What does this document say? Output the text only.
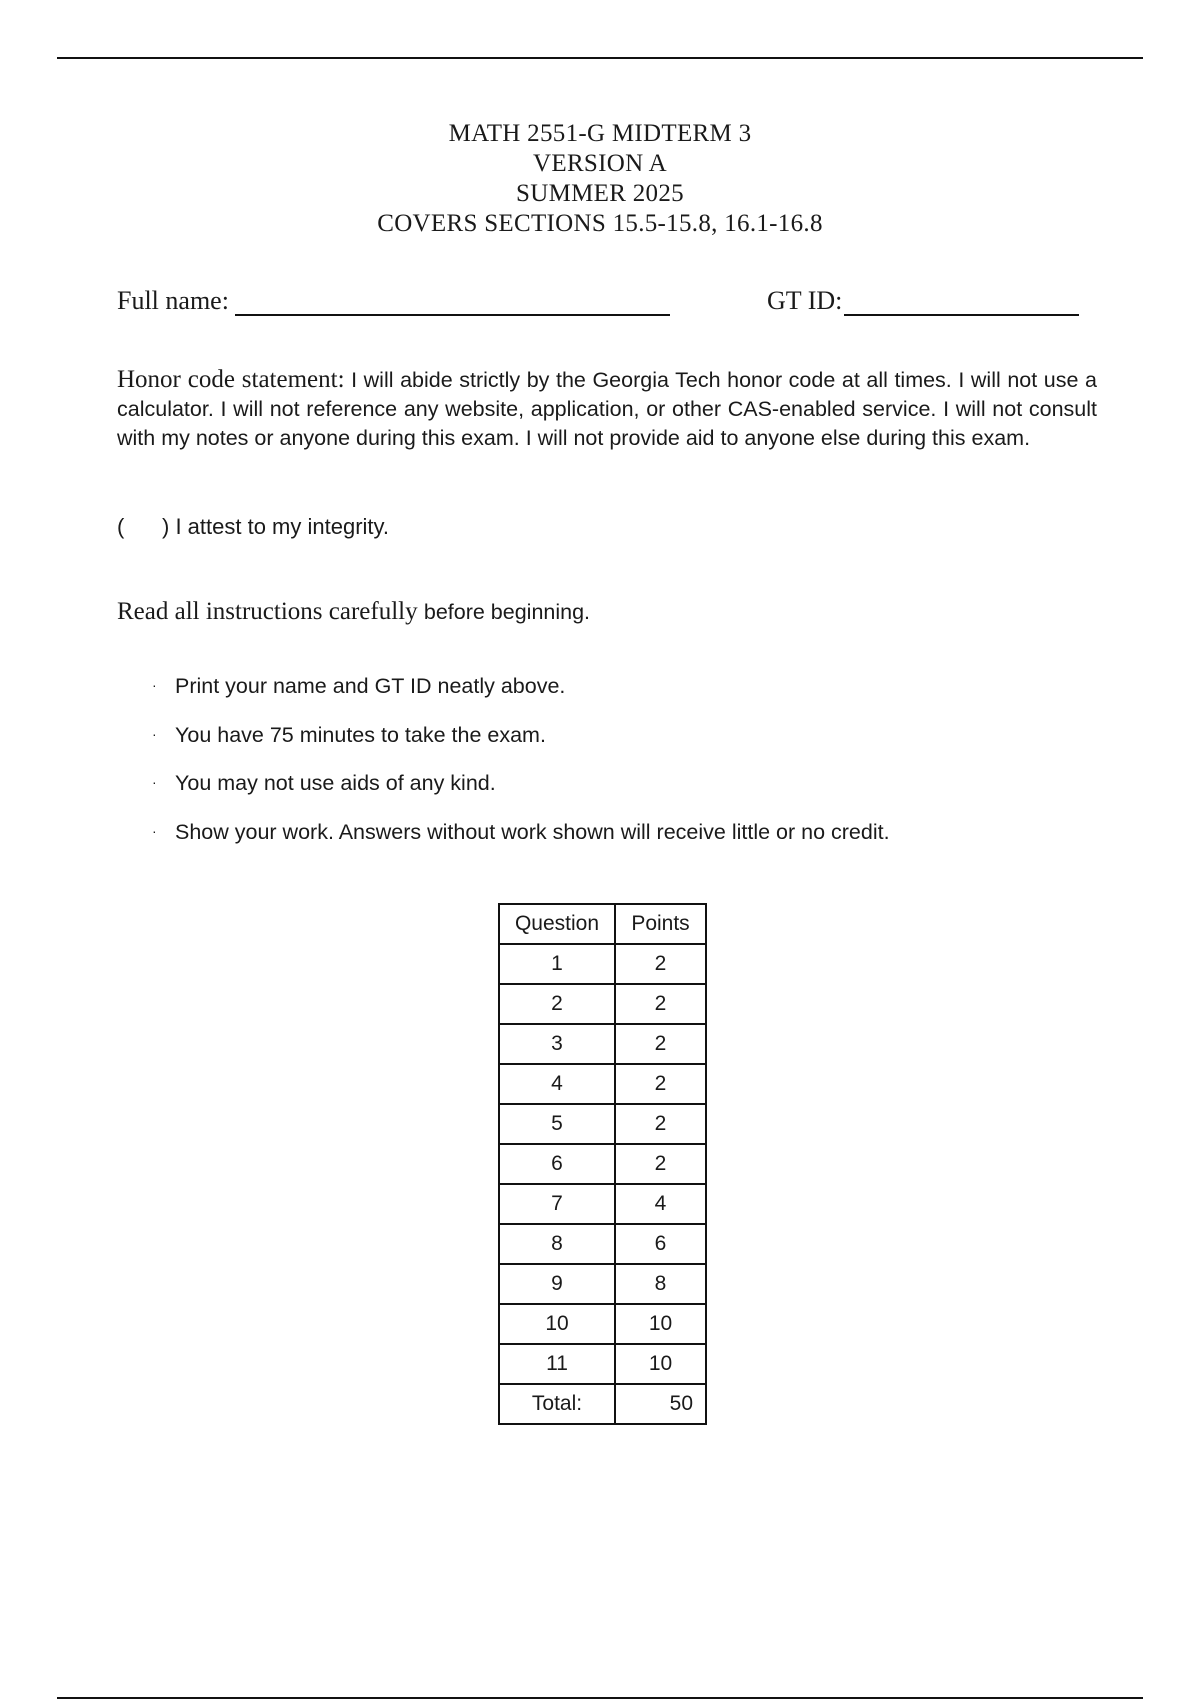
MATH 2551-G MIDTERM 3
VERSION A
SUMMER 2025
COVERS SECTIONS 15.5-15.8, 16.1-16.8
Full name:	GT ID:
Honor code statement: I will abide strictly by the Georgia Tech honor code at all times. I will not use a calculator. I will not reference any website, application, or other CAS-enabled service. I will not consult with my notes or anyone during this exam. I will not provide aid to anyone else during this exam.
( ) I attest to my integrity.
Read all instructions carefully before beginning.
· Print your name and GT ID neatly above.
· You have 75 minutes to take the exam.
· You may not use aids of any kind.
· Show your work. Answers without work shown will receive little or no credit.
Question	Points
1	2
2	2
3	2
4	2
5	2
6	2
7	4
8	6
9	8
10	10
11	10
Total:	50
